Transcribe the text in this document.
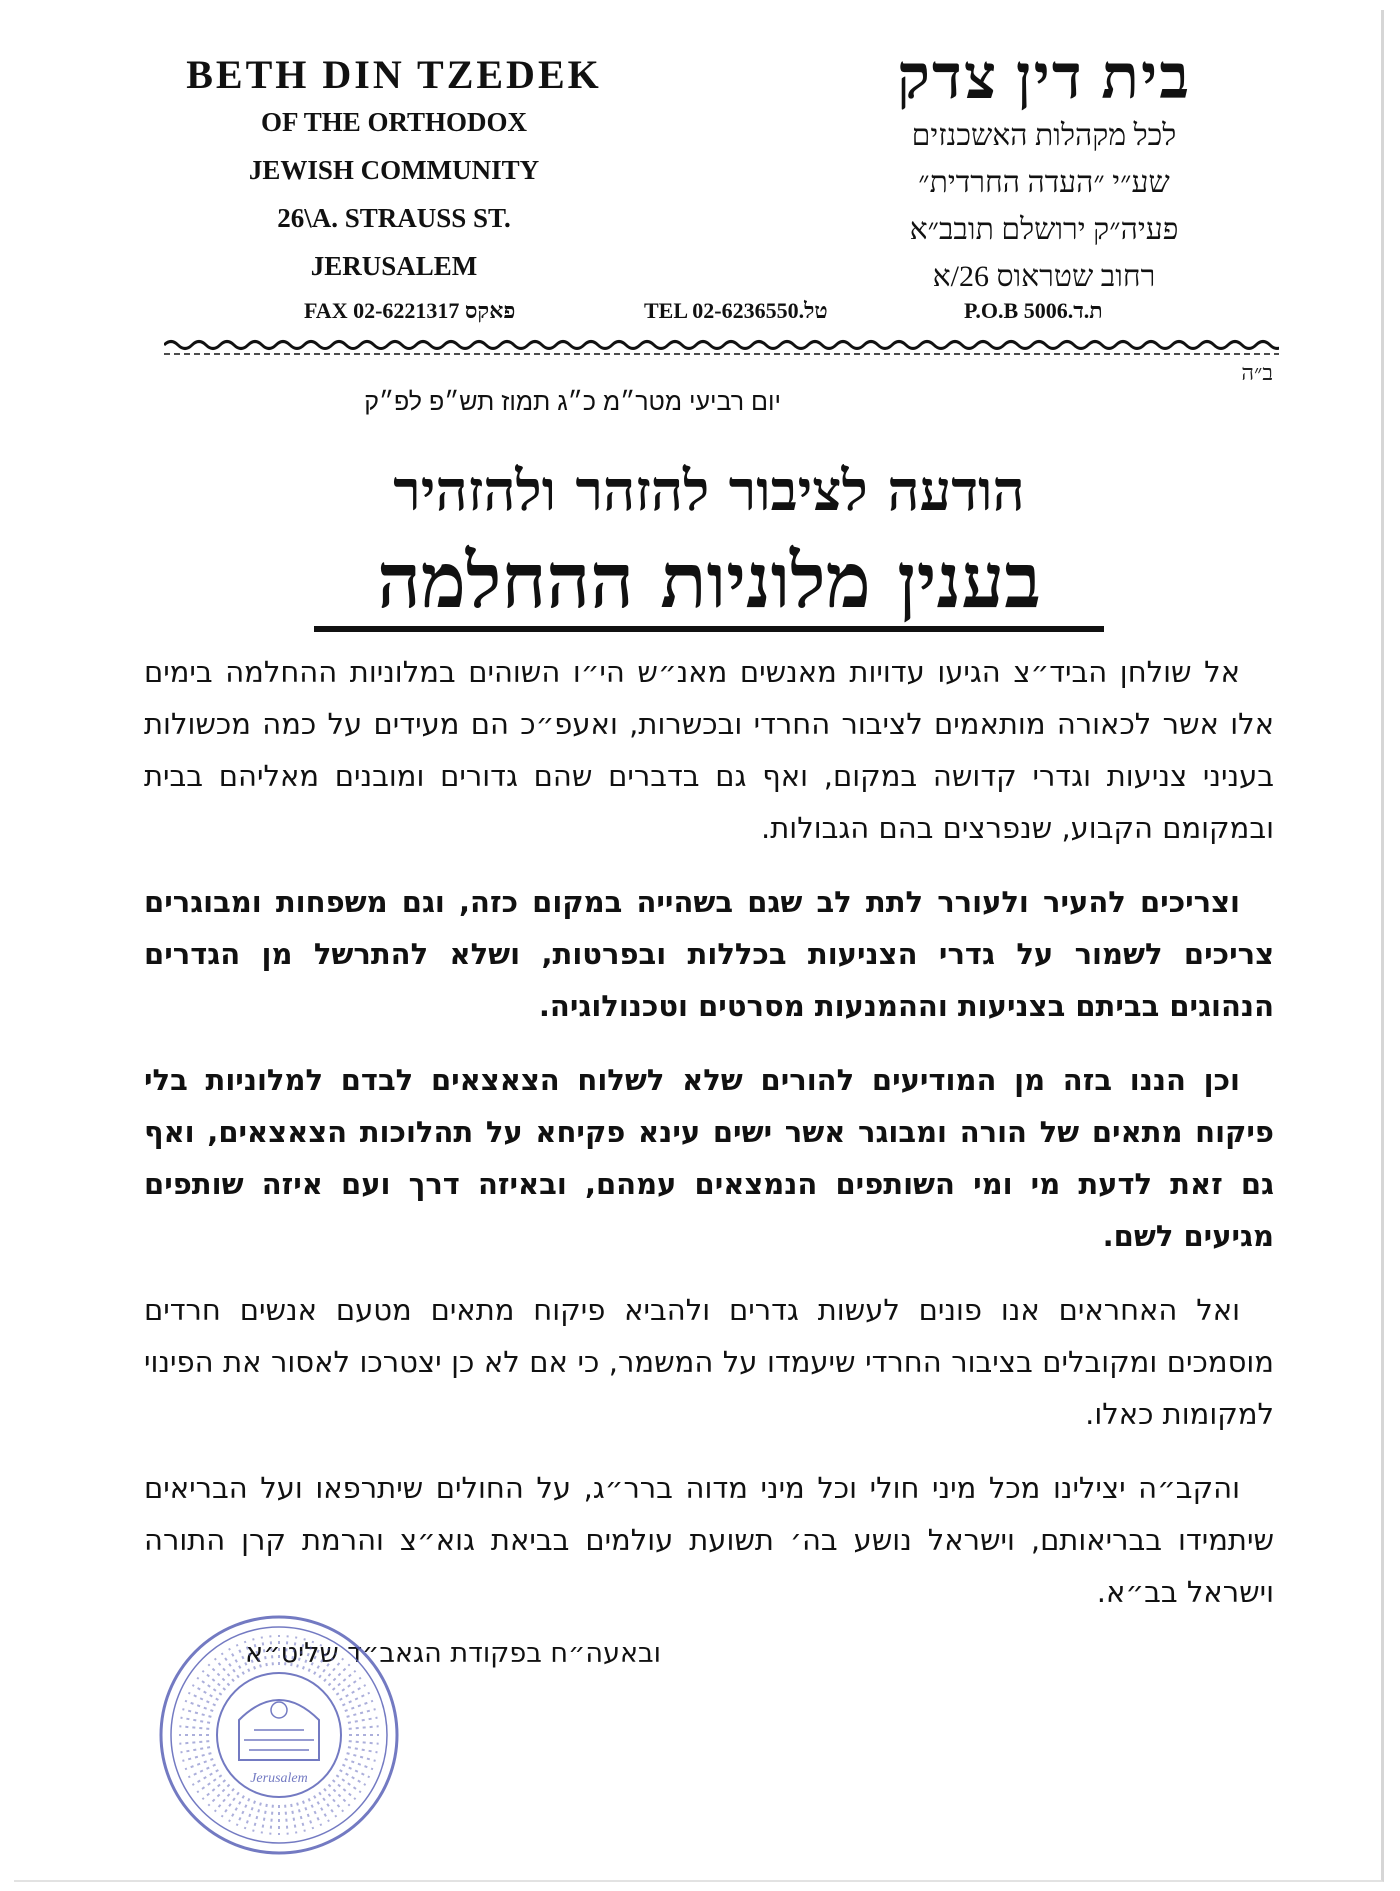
BETH DIN TZEDEK
OF THE ORTHODOX
JEWISH COMMUNITY
26\A. STRAUSS ST.
JERUSALEM
בית דין צדק
לכל מקהלות האשכנזים
שע״י ״העדה החרדית״
פעיה״ק ירושלם תובב״א
רחוב שטראוס 26/א
FAX 02-6221317 פאקס	TEL 02-6236550.טל	P.O.B 5006.ת.ד
ב״ה
יום רביעי מטר״מ כ״ג תמוז תש״פ לפ״ק
הודעה לציבור להזהר ולהזהיר
בענין מלוניות ההחלמה

אל שולחן הביד״צ הגיעו עדויות מאנשים מאנ״ש הי״ו השוהים במלוניות ההחלמה בימים אלו אשר לכאורה מותאמים לציבור החרדי ובכשרות, ואעפ״כ הם מעידים על כמה מכשולות בעניני צניעות וגדרי קדושה במקום, ואף גם בדברים שהם גדורים ומובנים מאליהם בבית ובמקומם הקבוע, שנפרצים בהם הגבולות.

וצריכים להעיר ולעורר לתת לב שגם בשהייה במקום כזה, וגם משפחות ומבוגרים צריכים לשמור על גדרי הצניעות בכללות ובפרטות, ושלא להתרשל מן הגדרים הנהוגים בביתם בצניעות וההמנעות מסרטים וטכנולוגיה.

וכן הננו בזה מן המודיעים להורים שלא לשלוח הצאצאים לבדם למלוניות בלי פיקוח מתאים של הורה ומבוגר אשר ישים עינא פקיחא על תהלוכות הצאצאים, ואף גם זאת לדעת מי ומי השותפים הנמצאים עמהם, ובאיזה דרך ועם איזה שותפים מגיעים לשם.

ואל האחראים אנו פונים לעשות גדרים ולהביא פיקוח מתאים מטעם אנשים חרדים מוסמכים ומקובלים בציבור החרדי שיעמדו על המשמר, כי אם לא כן יצטרכו לאסור את הפינוי למקומות כאלו.

והקב״ה יצילינו מכל מיני חולי וכל מיני מדוה ברר״ג, על החולים שיתרפאו ועל הבריאים שיתמידו בבריאותם, וישראל נושע בה׳ תשועת עולמים בביאת גוא״צ והרמת קרן התורה וישראל בב״א.

ובאעה״ח בפקודת הגאב״ד שליט״א
Jerusalem
